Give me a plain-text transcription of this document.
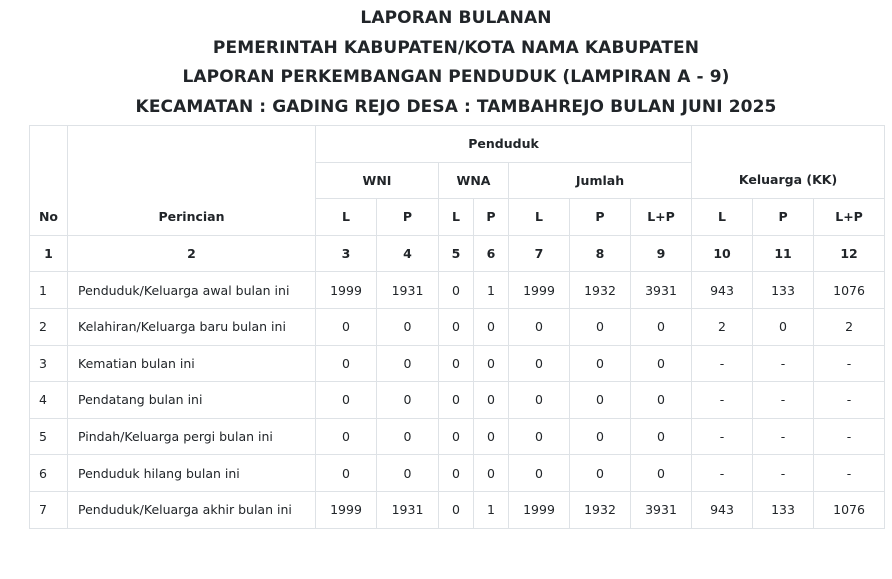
LAPORAN BULANAN
PEMERINTAH KABUPATEN/KOTA NAMA KABUPATEN
LAPORAN PERKEMBANGAN PENDUDUK (LAMPIRAN A - 9)
KECAMATAN : GADING REJO DESA : TAMBAHREJO BULAN JUNI 2025
No	Perincian	Penduduk							Keluarga (KK)		
		WNI		WNA		Jumlah					
		L	P	L	P	L	P	L+P	L	P	L+P
1	2	3	4	5	6	7	8	9	10	11	12
1	Penduduk/Keluarga awal bulan ini	1999	1931	0	1	1999	1932	3931	943	133	1076
2	Kelahiran/Keluarga baru bulan ini	0	0	0	0	0	0	0	2	0	2
3	Kematian bulan ini	0	0	0	0	0	0	0	-	-	-
4	Pendatang bulan ini	0	0	0	0	0	0	0	-	-	-
5	Pindah/Keluarga pergi bulan ini	0	0	0	0	0	0	0	-	-	-
6	Penduduk hilang bulan ini	0	0	0	0	0	0	0	-	-	-
7	Penduduk/Keluarga akhir bulan ini	1999	1931	0	1	1999	1932	3931	943	133	1076
